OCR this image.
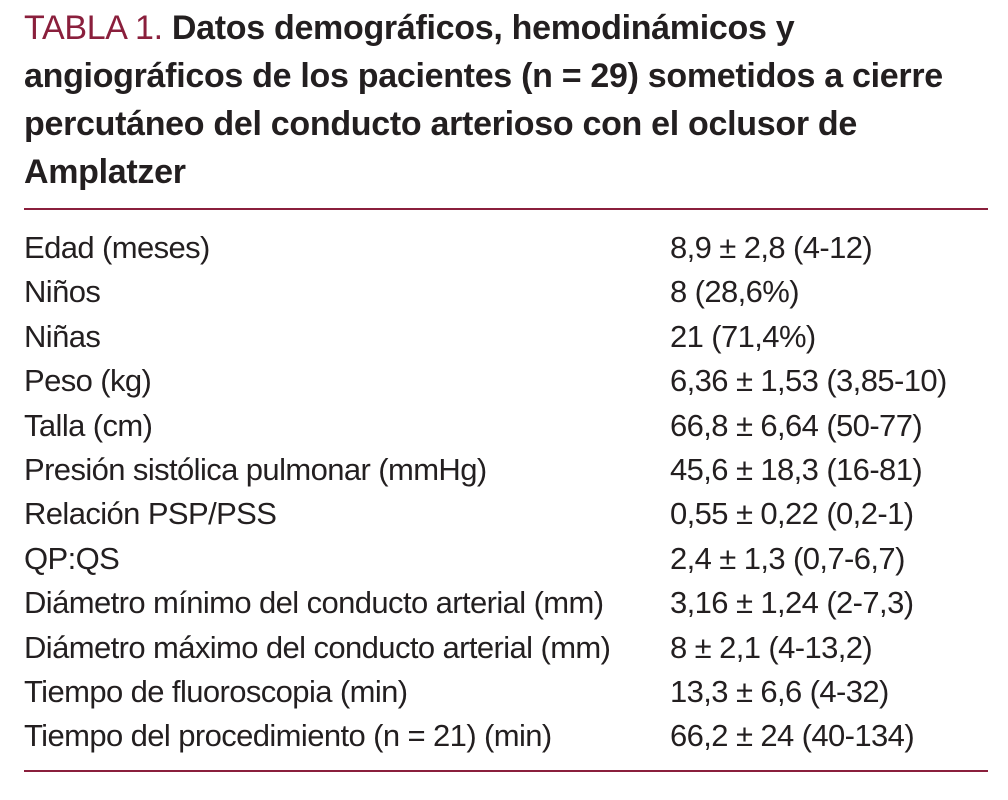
TABLA 1. Datos demográficos, hemodinámicos y angiográficos de los pacientes (n = 29) sometidos a cierre percutáneo del conducto arterioso con el oclusor de Amplatzer
Edad (meses)	8,9 ± 2,8 (4-12)
Niños	8 (28,6%)
Niñas	21 (71,4%)
Peso (kg)	6,36 ± 1,53 (3,85-10)
Talla (cm)	66,8 ± 6,64 (50-77)
Presión sistólica pulmonar (mmHg)	45,6 ± 18,3 (16-81)
Relación PSP/PSS	0,55 ± 0,22 (0,2-1)
QP:QS	2,4 ± 1,3 (0,7-6,7)
Diámetro mínimo del conducto arterial (mm) 3,16 ± 1,24 (2-7,3)
Diámetro máximo del conducto arterial (mm) 8 ± 2,1 (4-13,2)
Tiempo de fluoroscopia (min)	13,3 ± 6,6 (4-32)
Tiempo del procedimiento (n = 21) (min)	66,2 ± 24 (40-134)
